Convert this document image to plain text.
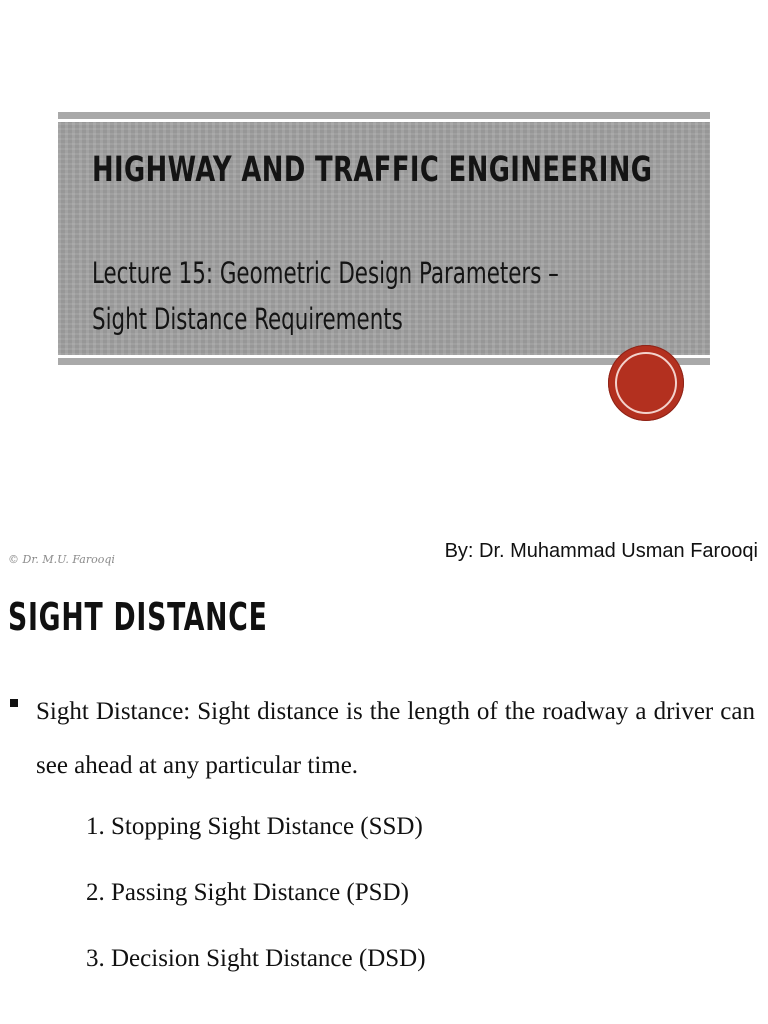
HIGHWAY AND TRAFFIC ENGINEERING
Lecture 15: Geometric Design Parameters –
Sight Distance Requirements
By: Dr. Muhammad Usman Farooqi
© Dr. M.U. Farooqi
SIGHT DISTANCE
Sight Distance: Sight distance is the length of the roadway a driver can see ahead at any particular time.
1. Stopping Sight Distance (SSD)
2. Passing Sight Distance (PSD)
3. Decision Sight Distance (DSD)
